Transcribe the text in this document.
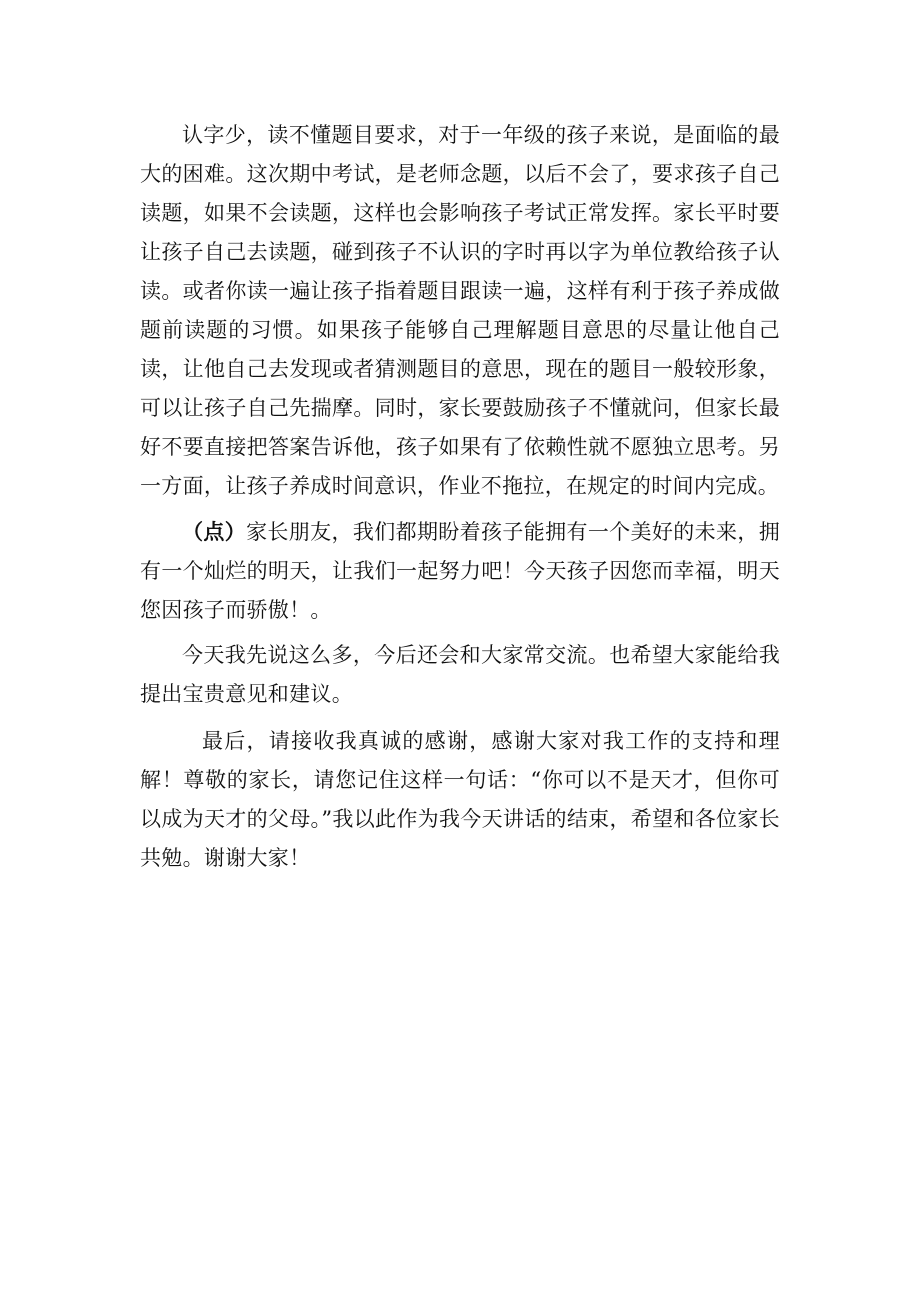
认字少，读不懂题目要求，对于一年级的孩子来说，是面临的最大的困难。这次期中考试，是老师念题，以后不会了，要求孩子自己读题，如果不会读题，这样也会影响孩子考试正常发挥。家长平时要让孩子自己去读题，碰到孩子不认识的字时再以字为单位教给孩子认读。或者你读一遍让孩子指着题目跟读一遍，这样有利于孩子养成做题前读题的习惯。如果孩子能够自己理解题目意思的尽量让他自己读，让他自己去发现或者猜测题目的意思，现在的题目一般较形象，可以让孩子自己先揣摩。同时，家长要鼓励孩子不懂就问，但家长最好不要直接把答案告诉他，孩子如果有了依赖性就不愿独立思考。另一方面，让孩子养成时间意识，作业不拖拉，在规定的时间内完成。

（点）家长朋友，我们都期盼着孩子能拥有一个美好的未来，拥有一个灿烂的明天，让我们一起努力吧！今天孩子因您而幸福，明天您因孩子而骄傲！。

今天我先说这么多，今后还会和大家常交流。也希望大家能给我提出宝贵意见和建议。

最后，请接收我真诚的感谢，感谢大家对我工作的支持和理解！尊敬的家长，请您记住这样一句话：“你可以不是天才，但你可以成为天才的父母。”我以此作为我今天讲话的结束，希望和各位家长共勉。谢谢大家！
